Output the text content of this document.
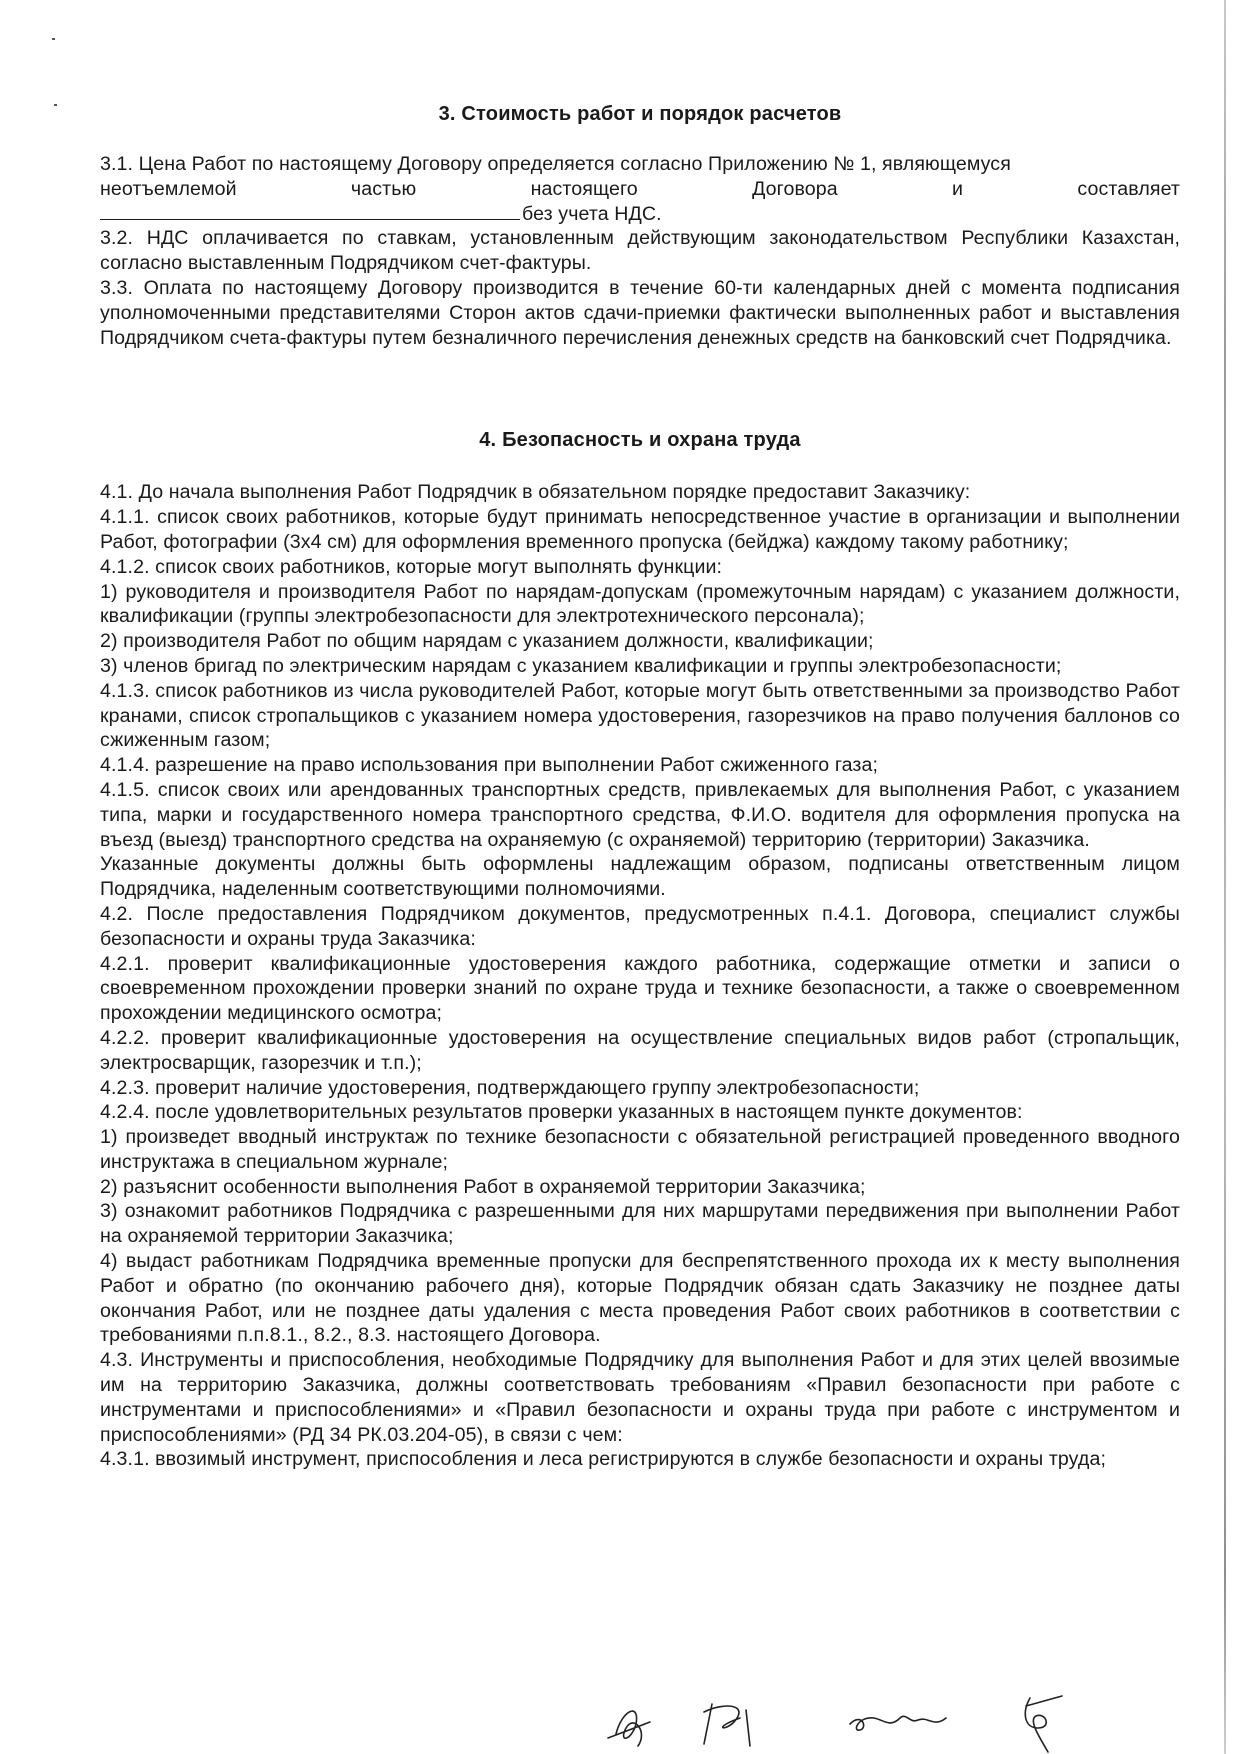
3. Стоимость работ и порядок расчетов

3.1. Цена Работ по настоящему Договору определяется согласно Приложению № 1, являющемуся

неотъемлемой частью настоящего Договора и составляет

без учета НДС.

3.2. НДС оплачивается по ставкам, установленным действующим законодательством Республики Казахстан, согласно выставленным Подрядчиком счет-фактуры.

3.3. Оплата по настоящему Договору производится в течение 60-ти календарных дней с момента подписания уполномоченными представителями Сторон актов сдачи-приемки фактически выполненных работ и выставления Подрядчиком счета-фактуры путем безналичного перечисления денежных средств на банковский счет Подрядчика.

4. Безопасность и охрана труда

4.1. До начала выполнения Работ Подрядчик в обязательном порядке предоставит Заказчику:

4.1.1. список своих работников, которые будут принимать непосредственное участие в организации и выполнении Работ, фотографии (3х4 см) для оформления временного пропуска (бейджа) каждому такому работнику;

4.1.2. список своих работников, которые могут выполнять функции:

1) руководителя и производителя Работ по нарядам-допускам (промежуточным нарядам) с указанием должности, квалификации (группы электробезопасности для электротехнического персонала);

2) производителя Работ по общим нарядам с указанием должности, квалификации;

3) членов бригад по электрическим нарядам с указанием квалификации и группы электробезопасности;

4.1.3. список работников из числа руководителей Работ, которые могут быть ответственными за производство Работ кранами, список стропальщиков с указанием номера удостоверения, газорезчиков на право получения баллонов со сжиженным газом;

4.1.4. разрешение на право использования при выполнении Работ сжиженного газа;

4.1.5. список своих или арендованных транспортных средств, привлекаемых для выполнения Работ, с указанием типа, марки и государственного номера транспортного средства, Ф.И.О. водителя для оформления пропуска на въезд (выезд) транспортного средства на охраняемую (с охраняемой) территорию (территории) Заказчика.

Указанные документы должны быть оформлены надлежащим образом, подписаны ответственным лицом Подрядчика, наделенным соответствующими полномочиями.

4.2. После предоставления Подрядчиком документов, предусмотренных п.4.1. Договора, специалист службы безопасности и охраны труда Заказчика:

4.2.1. проверит квалификационные удостоверения каждого работника, содержащие отметки и записи о своевременном прохождении проверки знаний по охране труда и технике безопасности, а также о своевременном прохождении медицинского осмотра;

4.2.2. проверит квалификационные удостоверения на осуществление специальных видов работ (стропальщик, электросварщик, газорезчик и т.п.);

4.2.3. проверит наличие удостоверения, подтверждающего группу электробезопасности;

4.2.4. после удовлетворительных результатов проверки указанных в настоящем пункте документов:

1) произведет вводный инструктаж по технике безопасности с обязательной регистрацией проведенного вводного инструктажа в специальном журнале;

2) разъяснит особенности выполнения Работ в охраняемой территории Заказчика;

3) ознакомит работников Подрядчика с разрешенными для них маршрутами передвижения при выполнении Работ на охраняемой территории Заказчика;

4) выдаст работникам Подрядчика временные пропуски для беспрепятственного прохода их к месту выполнения Работ и обратно (по окончанию рабочего дня), которые Подрядчик обязан сдать Заказчику не позднее даты окончания Работ, или не позднее даты удаления с места проведения Работ своих работников в соответствии с требованиями п.п.8.1., 8.2., 8.3. настоящего Договора.

4.3. Инструменты и приспособления, необходимые Подрядчику для выполнения Работ и для этих целей ввозимые им на территорию Заказчика, должны соответствовать требованиям «Правил безопасности при работе с инструментами и приспособлениями» и «Правил безопасности и охраны труда при работе с инструментом и приспособлениями» (РД 34 РК.03.204-05), в связи с чем:

4.3.1. ввозимый инструмент, приспособления и леса регистрируются в службе безопасности и охраны труда;
